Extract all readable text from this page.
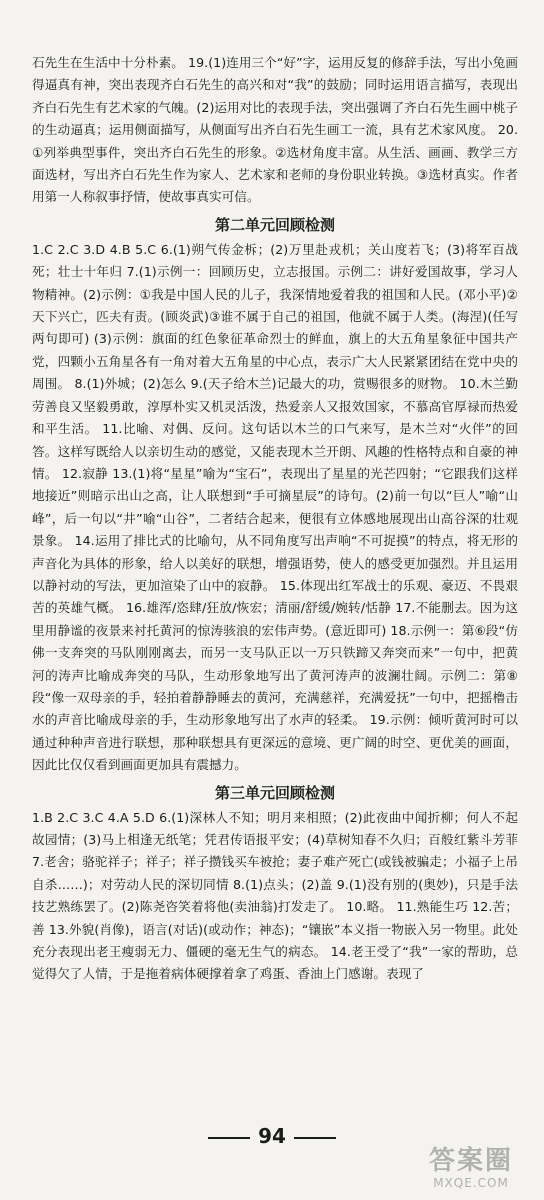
石先生在生活中十分朴素。 19.(1)连用三个“好”字，运用反复的修辞手法，写出小兔画得逼真有神，突出表现齐白石先生的高兴和对“我”的鼓励；同时运用语言描写，表现出齐白石先生有艺术家的气魄。(2)运用对比的表现手法，突出强调了齐白石先生画中桃子的生动逼真；运用侧面描写，从侧面写出齐白石先生画工一流，具有艺术家风度。 20.①列举典型事件，突出齐白石先生的形象。②选材角度丰富。从生活、画画、教学三方面选材，写出齐白石先生作为家人、艺术家和老师的身份职业转换。③选材真实。作者用第一人称叙事抒情，使故事真实可信。

第二单元回顾检测

1.C 2.C 3.D 4.B 5.C 6.(1)朔气传金柝；(2)万里赴戎机；关山度若飞；(3)将军百战死；壮士十年归 7.(1)示例一：回顾历史，立志报国。示例二：讲好爱国故事，学习人物精神。(2)示例：①我是中国人民的儿子，我深情地爱着我的祖国和人民。(邓小平)②天下兴亡，匹夫有责。(顾炎武)③谁不属于自己的祖国，他就不属于人类。(海涅)(任写两句即可) (3)示例：旗面的红色象征革命烈士的鲜血，旗上的大五角星象征中国共产党，四颗小五角星各有一角对着大五角星的中心点，表示广大人民紧紧团结在党中央的周围。 8.(1)外城；(2)怎么 9.(天子给木兰)记最大的功，赏赐很多的财物。 10.木兰勤劳善良又坚毅勇敢，淳厚朴实又机灵活泼，热爱亲人又报效国家，不慕高官厚禄而热爱和平生活。 11.比喻、对偶、反问。这句话以木兰的口气来写，是木兰对“火伴”的回答。这样写既给人以亲切生动的感觉，又能表现木兰开朗、风趣的性格特点和自豪的神情。 12.寂静 13.(1)将“星星”喻为“宝石”，表现出了星星的光芒四射；“它跟我们这样地接近”则暗示出山之高，让人联想到“手可摘星辰”的诗句。(2)前一句以“巨人”喻“山峰”，后一句以“井”喻“山谷”，二者结合起来，便很有立体感地展现出山高谷深的壮观景象。 14.运用了排比式的比喻句，从不同角度写出声响“不可捉摸”的特点，将无形的声音化为具体的形象，给人以美好的联想，增强语势，使人的感受更加强烈。并且运用以静衬动的写法，更加渲染了山中的寂静。 15.体现出红军战士的乐观、豪迈、不畏艰苦的英雄气概。 16.雄浑/恣肆/狂放/恢宏；清丽/舒缓/婉转/恬静 17.不能删去。因为这里用静谧的夜景来衬托黄河的惊涛骇浪的宏伟声势。(意近即可) 18.示例一：第⑥段“仿佛一支奔突的马队刚刚离去，而另一支马队正以一万只铁蹄又奔突而来”一句中，把黄河的涛声比喻成奔突的马队，生动形象地写出了黄河涛声的波澜壮阔。示例二：第⑧段“像一双母亲的手，轻拍着静静睡去的黄河，充满慈祥，充满爱抚”一句中，把摇橹击水的声音比喻成母亲的手，生动形象地写出了水声的轻柔。 19.示例：倾听黄河时可以通过种种声音进行联想，那种联想具有更深远的意境、更广阔的时空、更优美的画面，因此比仅仅看到画面更加具有震撼力。

第三单元回顾检测

1.B 2.C 3.C 4.A 5.D 6.(1)深林人不知；明月来相照；(2)此夜曲中闻折柳；何人不起故园情；(3)马上相逢无纸笔；凭君传语报平安；(4)草树知春不久归；百般红紫斗芳菲 7.老舍；骆驼祥子；祥子；祥子攒钱买车被抢；妻子难产死亡(或钱被骗走；小福子上吊自杀……)；对劳动人民的深切同情 8.(1)点头；(2)盖 9.(1)没有别的(奥妙)，只是手法技艺熟练罢了。(2)陈尧咨笑着将他(卖油翁)打发走了。 10.略。 11.熟能生巧 12.苦；善 13.外貌(肖像)，语言(对话)(或动作；神态)；“镶嵌”本义指一物嵌入另一物里。此处充分表现出老王瘦弱无力、僵硬的毫无生气的病态。 14.老王受了“我”一家的帮助，总觉得欠了人情，于是拖着病体硬撑着拿了鸡蛋、香油上门感谢。表现了

94
答案圈
MXQE.COM
